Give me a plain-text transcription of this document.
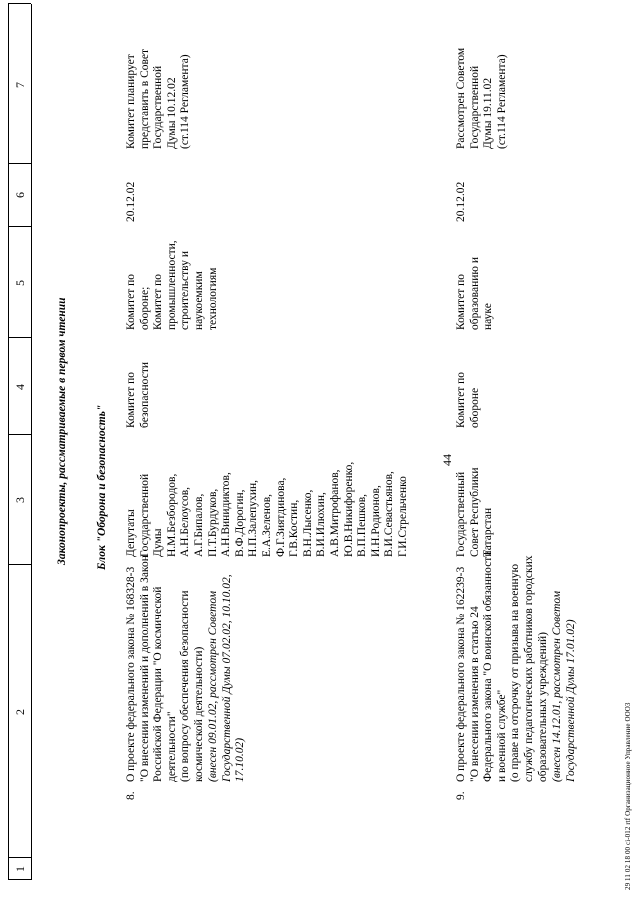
44
1
2
3
4
5
6
7
Законопроекты, рассматриваемые в первом чтении Блок "Оборона и безопасность"
8.
О проекте федерального закона № 168328-3 "О внесении изменений и дополнений в Закон Российской Федерации "О космической деятельности" (по вопросу обеспечения безопасности космической деятельности) (внесен 09.01.02, рассмотрен Советом Государственной Думы 07.02.02, 10.10.02, 17.10.02)
Депутаты Государственной Думы Н.М.Безбородов, А.Н.Белоусов, А.Г.Бипалов, П.Т.Бурдуков, А.Н.Винидиктов, В.Ф.Дорогин, Н.П.Залепухин, Е.А.Зеленов, Ф.Г.Зиятдинова, Г.В.Костин, В.Н.Лысенко, В.И.Илюхин, А.В.Митрофанов, Ю.В.Никифоренко, В.П.Пешков, И.Н.Родионов, В.И.Севастьянов, Г.И.Стрельченко
Комитет по безопасности
Комитет по обороне; Комитет по промышленности, строительству и наукоемким технологиям
20.12.02
Комитет планирует представить в Совет Государственной Думы 10.12.02 (ст.114 Регламента)
9.
О проекте федерального закона № 162239-3 "О внесении изменения в статью 24 Федерального закона "О воинской обязанности и военной службе" (о праве на отсрочку от призыва на военную службу педагогических работников городских образовательных учреждений) (внесен 14.12.01, рассмотрен Советом Государственной Думы 17.01.02)
Государственный Совет Республики Татарстан
Комитет по обороне
Комитет по образованию и науке
20.12.02
Рассмотрен Советом Государственной Думы 19.11.02 (ст.114 Регламента)
29 11 02 18 00 сі-012 rtf Организационное Управление ООО3
